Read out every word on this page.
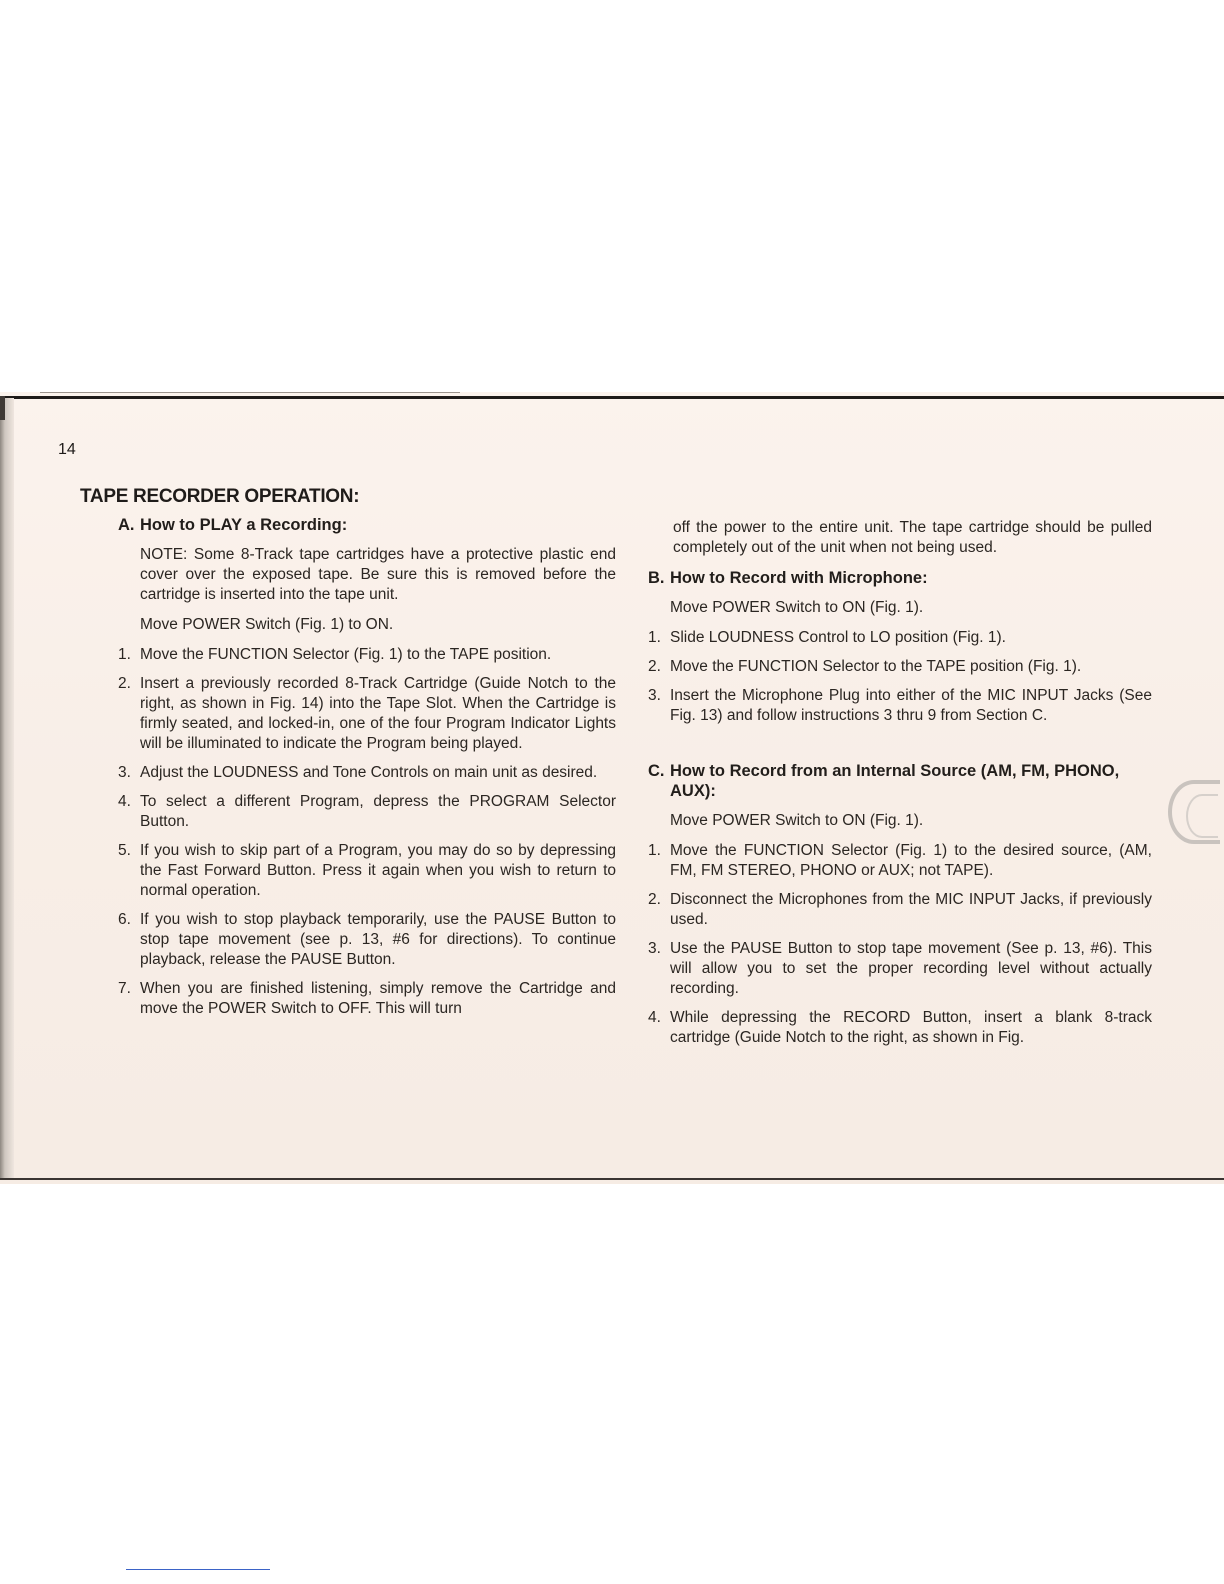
14
TAPE RECORDER OPERATION:
A. How to PLAY a Recording:
NOTE: Some 8-Track tape cartridges have a protective plastic end cover over the exposed tape. Be sure this is removed before the cartridge is inserted into the tape unit.
Move POWER Switch (Fig. 1) to ON.
1. Move the FUNCTION Selector (Fig. 1) to the TAPE position.
2. Insert a previously recorded 8-Track Cartridge (Guide Notch to the right, as shown in Fig. 14) into the Tape Slot. When the Cartridge is firmly seated, and locked-in, one of the four Program Indicator Lights will be illuminated to indicate the Program being played.
3. Adjust the LOUDNESS and Tone Controls on main unit as desired.
4. To select a different Program, depress the PROGRAM Selector Button.
5. If you wish to skip part of a Program, you may do so by depressing the Fast Forward Button. Press it again when you wish to return to normal operation.
6. If you wish to stop playback temporarily, use the PAUSE Button to stop tape movement (see p. 13, #6 for directions). To continue playback, release the PAUSE Button.
7. When you are finished listening, simply remove the Cartridge and move the POWER Switch to OFF. This will turn
off the power to the entire unit. The tape cartridge should be pulled completely out of the unit when not being used.
B. How to Record with Microphone:
Move POWER Switch to ON (Fig. 1).
1. Slide LOUDNESS Control to LO position (Fig. 1).
2. Move the FUNCTION Selector to the TAPE position (Fig. 1).
3. Insert the Microphone Plug into either of the MIC INPUT Jacks (See Fig. 13) and follow instructions 3 thru 9 from Section C.
C. How to Record from an Internal Source (AM, FM, PHONO, AUX):
Move POWER Switch to ON (Fig. 1).
1. Move the FUNCTION Selector (Fig. 1) to the desired source, (AM, FM, FM STEREO, PHONO or AUX; not TAPE).
2. Disconnect the Microphones from the MIC INPUT Jacks, if previously used.
3. Use the PAUSE Button to stop tape movement (See p. 13, #6). This will allow you to set the proper recording level without actually recording.
4. While depressing the RECORD Button, insert a blank 8-track cartridge (Guide Notch to the right, as shown in Fig.
